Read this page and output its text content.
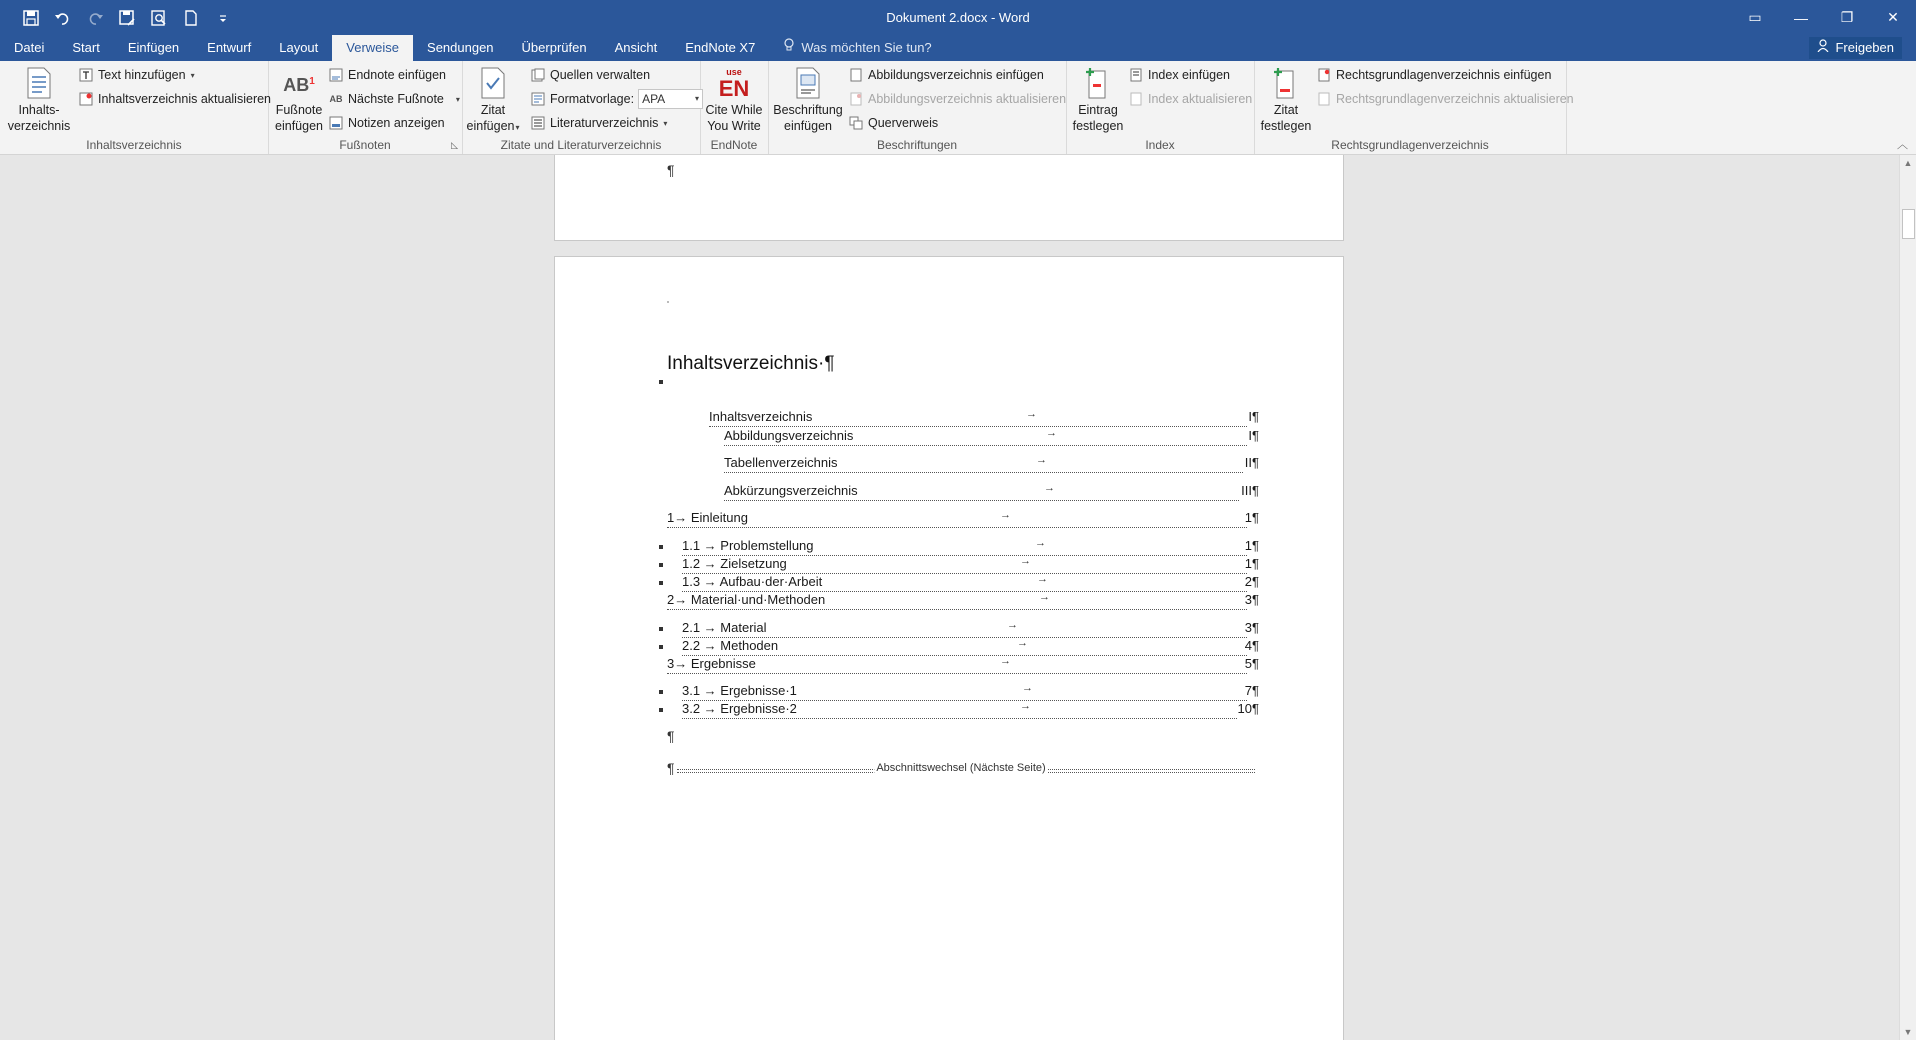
Dokument 2.docx - Word	▭	—	❐	✕
Datei	Start	Einfügen	Entwurf	Layout	Verweise	Sendungen	Überprüfen	Ansicht	EndNote X7	Was möchten Sie tun?	Freigeben
Inhalts-
verzeichnis
Text hinzufügen ▾
Inhaltsverzeichnis aktualisieren
Inhaltsverzeichnis
$AB^1$
Fußnote
einfügen
Endnote einfügen
AB Nächste Fußnote ▾
Notizen anzeigen
◺
Fußnoten
Zitat
einfügen▾
Quellen verwalten
Formatvorlage: APA	▾
Literaturverzeichnis ▾
Zitate und Literaturverzeichnis
use
EN
Cite While
You Write
EndNote
Beschriftung
einfügen
Abbildungsverzeichnis einfügen
Abbildungsverzeichnis aktualisieren
Querverweis
Beschriftungen
Eintrag
festlegen
Index einfügen
Index aktualisieren
Index
Zitat
festlegen
Rechtsgrundlagenverzeichnis einfügen
Rechtsgrundlagenverzeichnis aktualisieren
Rechtsgrundlagenverzeichnis	︿
¶
Inhaltsverzeichnis·¶
Inhaltsverzeichnis	→	I¶
Abbildungsverzeichnis	→	I¶
Tabellenverzeichnis	→	II¶
Abkürzungsverzeichnis	→	III¶
1→ Einleitung	→	1¶
1.1 → Problemstellung	→	1¶
1.2 → Zielsetzung	→	1¶
1.3 → Aufbau·der·Arbeit	→	2¶
2→ Material·und·Methoden	→	3¶
2.1 → Material	→	3¶
2.2 → Methoden	→	4¶
3→ Ergebnisse	→	5¶
3.1 → Ergebnisse·1	→	7¶
3.2 → Ergebnisse·2	→	10¶
¶
¶	Abschnittswechsel (Nächste Seite)
▲
▼
